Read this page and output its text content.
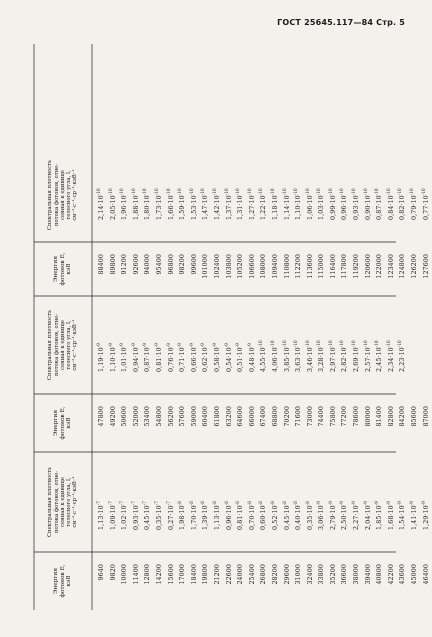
ГОСТ 25645.117—84 Стр. 5
Энергия
фотонов Е,
кэВ
Спектральная плотность
потока фотонов, отне-
сенная к единице
телесного угла, I,
см⁻²·с⁻¹·ср⁻¹·кэВ⁻¹
9640 9820 10000 11400 12800 14200 15600 17000 18400 19800 21200 22600 24000 25400 26800 28200 29600 31000 32400 33800 35200 36600 38000 39400 40800 42200 43600 45000 46400
$1,13\cdot 10^{-7}$
$1,09\cdot 10^{-7}$
$1,02\cdot 10^{-7}$
$0,93\cdot 10^{-7}$
$0,45\cdot 10^{-7}$
$0,35\cdot 10^{-7}$
$0,27\cdot 10^{-7}$
$1,98\cdot 10^{-8}$
$1,70\cdot 10^{-8}$
$1,39\cdot 10^{-8}$
$1,13\cdot 10^{-8}$
$0,96\cdot 10^{-8}$
$0,81\cdot 10^{-8}$
$0,70\cdot 10^{-8}$
$0,60\cdot 10^{-8}$
$0,52\cdot 10^{-8}$
$0,45\cdot 10^{-8}$
$0,40\cdot 10^{-8}$
$0,35\cdot 10^{-8}$
$3,06\cdot 10^{-9}$
$2,79\cdot 10^{-9}$
$2,50\cdot 10^{-9}$
$2,27\cdot 10^{-9}$
$2,04\cdot 10^{-9}$
$1,85\cdot 10^{-9}$
$1,68\cdot 10^{-9}$
$1,54\cdot 10^{-9}$
$1,41\cdot 10^{-9}$
$1,29\cdot 10^{-9}$
Энергия
фотонов Е,
кэВ
Спектральная плотность
потока фотонов, отне-
сенная к единице
телесного угла, I,
см⁻²·с⁻¹·ср⁻¹·кэВ⁻¹
47800 49200 50600 52000 53400 54800 56200 57600 59000 60400 61800 63200 64600 66000 67400 68800 70200 71600 73000 74400 75800 77200 78600 80000 81400 82800 84200 85600 87000
$1,19\cdot 10^{-9}$
$1,10\cdot 10^{-9}$
$1,01\cdot 10^{-9}$
$0,94\cdot 10^{-9}$
$0,87\cdot 10^{-9}$
$0,81\cdot 10^{-9}$
$0,76\cdot 10^{-9}$
$0,71\cdot 10^{-9}$
$0,66\cdot 10^{-9}$
$0,62\cdot 10^{-9}$
$0,58\cdot 10^{-9}$
$0,54\cdot 10^{-9}$
$0,51\cdot 10^{-9}$
$0,48\cdot 10^{-9}$
$4,55\cdot 10^{-10}$
$4,06\cdot 10^{-10}$
$3,85\cdot 10^{-10}$
$3,63\cdot 10^{-10}$
$3,46\cdot 10^{-10}$
$3,28\cdot 10^{-10}$
$2,97\cdot 10^{-10}$
$2,82\cdot 10^{-10}$
$2,69\cdot 10^{-10}$
$2,57\cdot 10^{-10}$
$2,45\cdot 10^{-10}$
$2,34\cdot 10^{-10}$
$2,23\cdot 10^{-10}$
Энергия
фотонов Е,
кэВ
Спектральная плотность
потока фотонов, отне-
сенная к единице
телесного угла, I,
см⁻²·с⁻¹·ср⁻¹·кэВ⁻¹
88400 89800 91200 92600 94000 95400 96800 98200 99600 101000 102400 103800 105200 106600 108000 109400 110800 112200 113600 115000 116400 117800 119200 120600 122000 123400 124800 126200 127600
$2,14\cdot 10^{-10}$
$2,05\cdot 10^{-10}$
$1,96\cdot 10^{-10}$
$1,88\cdot 10^{-10}$
$1,80\cdot 10^{-10}$
$1,73\cdot 10^{-10}$
$1,66\cdot 10^{-10}$
$1,59\cdot 10^{-10}$
$1,53\cdot 10^{-10}$
$1,47\cdot 10^{-10}$
$1,42\cdot 10^{-10}$
$1,37\cdot 10^{-10}$
$1,31\cdot 10^{-10}$
$1,27\cdot 10^{-10}$
$1,22\cdot 10^{-10}$
$1,18\cdot 10^{-10}$
$1,14\cdot 10^{-10}$
$1,10\cdot 10^{-10}$
$1,06\cdot 10^{-10}$
$1,03\cdot 10^{-10}$
$0,99\cdot 10^{-10}$
$0,96\cdot 10^{-10}$
$0,93\cdot 10^{-10}$
$0,90\cdot 10^{-10}$
$0,87\cdot 10^{-10}$
$0,84\cdot 10^{-10}$
$0,82\cdot 10^{-10}$
$0,79\cdot 10^{-10}$
$0,77\cdot 10^{-10}$
